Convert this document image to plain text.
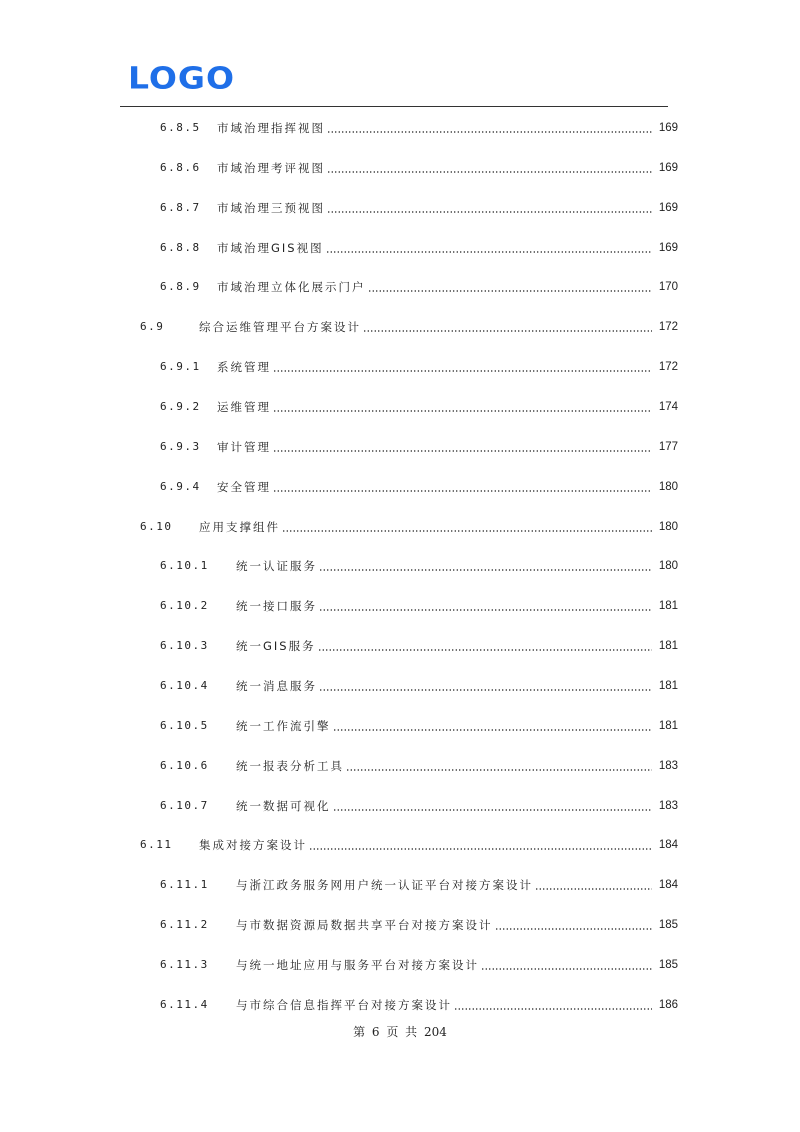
LOGO
6.8.5 市域治理指挥视图	169
6.8.6 市域治理考评视图	169
6.8.7 市域治理三预视图	169
6.8.8 市域治理GIS视图	169
6.8.9 市域治理立体化展示门户	170
6.9	综合运维管理平台方案设计	172
6.9.1 系统管理	172
6.9.2 运维管理	174
6.9.3 审计管理	177
6.9.4 安全管理	180
6.10 应用支撑组件	180
6.10.1 统一认证服务	180
6.10.2 统一接口服务	181
6.10.3 统一GIS服务	181
6.10.4 统一消息服务	181
6.10.5 统一工作流引擎	181
6.10.6 统一报表分析工具	183
6.10.7 统一数据可视化	183
6.11 集成对接方案设计	184
6.11.1 与浙江政务服务网用户统一认证平台对接方案设计	184
6.11.2 与市数据资源局数据共享平台对接方案设计	185
6.11.3 与统一地址应用与服务平台对接方案设计	185
6.11.4 与市综合信息指挥平台对接方案设计	186
第 6 页 共 204
